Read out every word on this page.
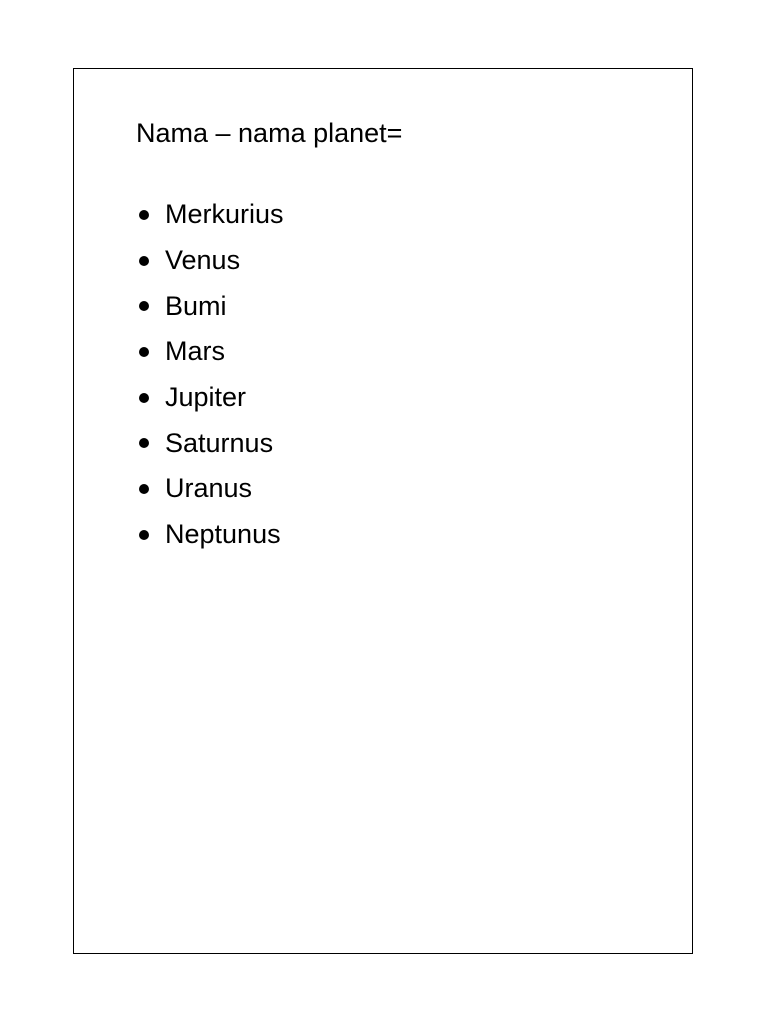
Nama – nama planet=
Merkurius
Venus
Bumi
Mars
Jupiter
Saturnus
Uranus
Neptunus
